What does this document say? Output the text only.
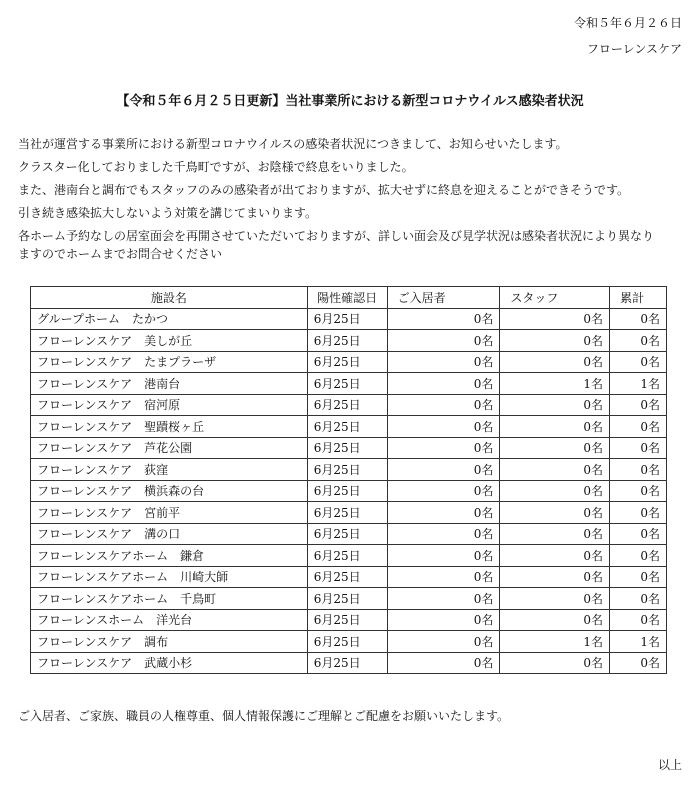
令和５年６月２６日
フローレンスケア
【令和５年６月２５日更新】当社事業所における新型コロナウイルス感染者状況
当社が運営する事業所における新型コロナウイルスの感染者状況につきまして、お知らせいたします。
クラスター化しておりました千鳥町ですが、お陰様で終息をいりました。
また、港南台と調布でもスタッフのみの感染者が出ておりますが、拡大せずに終息を迎えることができそうです。
引き続き感染拡大しないよう対策を講じてまいります。
各ホーム予約なしの居室面会を再開させていただいておりますが、詳しい面会及び見学状況は感染者状況により異なり
ますのでホームまでお問合せください
施設名	陽性確認日	ご入居者	スタッフ	累計
グループホーム　たかつ	6月25日	0名	0名	0名
フローレンスケア　美しが丘	6月25日	0名	0名	0名
フローレンスケア　たまプラーザ	6月25日	0名	0名	0名
フローレンスケア　港南台	6月25日	0名	1名	1名
フローレンスケア　宿河原	6月25日	0名	0名	0名
フローレンスケア　聖蹟桜ヶ丘	6月25日	0名	0名	0名
フローレンスケア　芦花公園	6月25日	0名	0名	0名
フローレンスケア　荻窪	6月25日	0名	0名	0名
フローレンスケア　横浜森の台	6月25日	0名	0名	0名
フローレンスケア　宮前平	6月25日	0名	0名	0名
フローレンスケア　溝の口	6月25日	0名	0名	0名
フローレンスケアホーム　鎌倉	6月25日	0名	0名	0名
フローレンスケアホーム　川崎大師	6月25日	0名	0名	0名
フローレンスケアホーム　千鳥町	6月25日	0名	0名	0名
フローレンスホーム　洋光台	6月25日	0名	0名	0名
フローレンスケア　調布	6月25日	0名	1名	1名
フローレンスケア　武蔵小杉	6月25日	0名	0名	0名
ご入居者、ご家族、職員の人権尊重、個人情報保護にご理解とご配慮をお願いいたします。
以上
